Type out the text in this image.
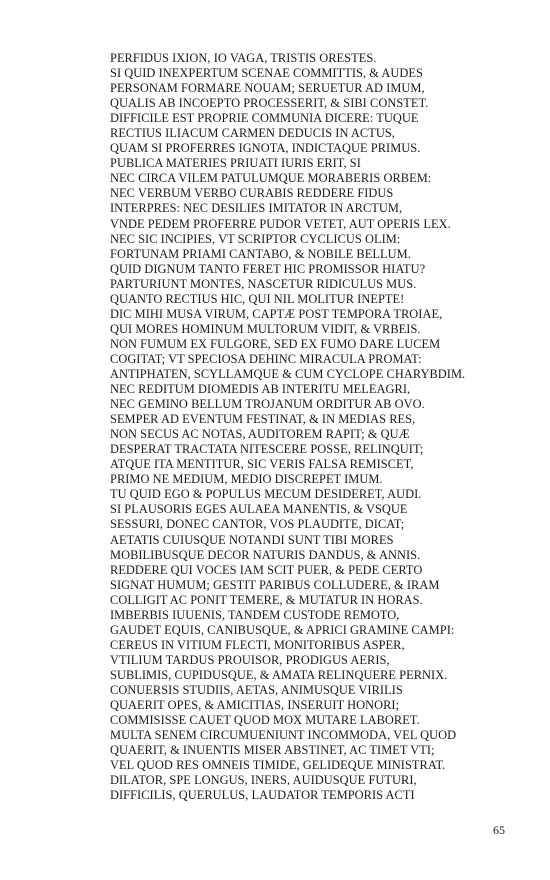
PERFIDUS IXION, IO VAGA, TRISTIS ORESTES.
SI QUID INEXPERTUM SCENAE COMMITTIS, & AUDES
PERSONAM FORMARE NOUAM; SERUETUR AD IMUM,
QUALIS AB INCOEPTO PROCESSERIT, & SIBI CONSTET.
DIFFICILE EST PROPRIE COMMUNIA DICERE: TUQUE
RECTIUS ILIACUM CARMEN DEDUCIS IN ACTUS,
QUAM SI PROFERRES IGNOTA, INDICTAQUE PRIMUS.
PUBLICA MATERIES PRIUATI IURIS ERIT, SI
NEC CIRCA VILEM PATULUMQUE MORABERIS ORBEM:
NEC VERBUM VERBO CURABIS REDDERE FIDUS
INTERPRES: NEC DESILIES IMITATOR IN ARCTUM,
VNDE PEDEM PROFERRE PUDOR VETET, AUT OPERIS LEX.
NEC SIC INCIPIES, VT SCRIPTOR CYCLICUS OLIM:
FORTUNAM PRIAMI CANTABO, & NOBILE BELLUM.
QUID DIGNUM TANTO FERET HIC PROMISSOR HIATU?
PARTURIUNT MONTES, NASCETUR RIDICULUS MUS.
QUANTO RECTIUS HIC, QUI NIL MOLITUR INEPTE!
DIC MIHI MUSA VIRUM, CAPTÆ POST TEMPORA TROIAE,
QUI MORES HOMINUM MULTORUM VIDIT, & VRBEIS.
NON FUMUM EX FULGORE, SED EX FUMO DARE LUCEM
COGITAT; VT SPECIOSA DEHINC MIRACULA PROMAT:
ANTIPHATEN, SCYLLAMQUE & CUM CYCLOPE CHARYBDIM.
NEC REDITUM DIOMEDIS AB INTERITU MELEAGRI,
NEC GEMINO BELLUM TROJANUM ORDITUR AB OVO.
SEMPER AD EVENTUM FESTINAT, & IN MEDIAS RES,
NON SECUS AC NOTAS, AUDITOREM RAPIT; & QUÆ
DESPERAT TRACTATA NITESCERE POSSE, RELINQUIT;
ATQUE ITA MENTITUR, SIC VERIS FALSA REMISCET,
PRIMO NE MEDIUM, MEDIO DISCREPET IMUM.
TU QUID EGO & POPULUS MECUM DESIDERET, AUDI.
SI PLAUSORIS EGES AULAEA MANENTIS, & VSQUE
SESSURI, DONEC CANTOR, VOS PLAUDITE, DICAT;
AETATIS CUIUSQUE NOTANDI SUNT TIBI MORES
MOBILIBUSQUE DECOR NATURIS DANDUS, & ANNIS.
REDDERE QUI VOCES IAM SCIT PUER, & PEDE CERTO
SIGNAT HUMUM; GESTIT PARIBUS COLLUDERE, & IRAM
COLLIGIT AC PONIT TEMERE, & MUTATUR IN HORAS.
IMBERBIS IUUENIS, TANDEM CUSTODE REMOTO,
GAUDET EQUIS, CANIBUSQUE, & APRICI GRAMINE CAMPI:
CEREUS IN VITIUM FLECTI, MONITORIBUS ASPER,
VTILIUM TARDUS PROUISOR, PRODIGUS AERIS,
SUBLIMIS, CUPIDUSQUE, & AMATA RELINQUERE PERNIX.
CONUERSIS STUDIIS, AETAS, ANIMUSQUE VIRILIS
QUAERIT OPES, & AMICITIAS, INSERUIT HONORI;
COMMISISSE CAUET QUOD MOX MUTARE LABORET.
MULTA SENEM CIRCUMUENIUNT INCOMMODA, VEL QUOD
QUAERIT, & INUENTIS MISER ABSTINET, AC TIMET VTI;
VEL QUOD RES OMNEIS TIMIDE, GELIDEQUE MINISTRAT.
DILATOR, SPE LONGUS, INERS, AUIDUSQUE FUTURI,
DIFFICILIS, QUERULUS, LAUDATOR TEMPORIS ACTI
65
